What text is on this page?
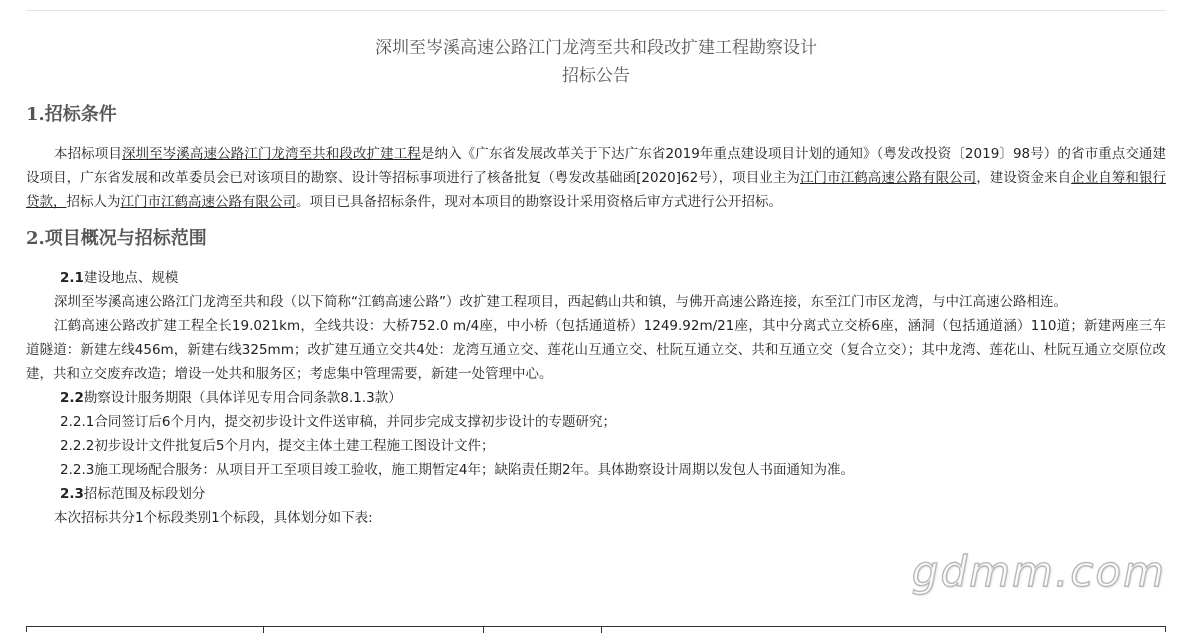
深圳至岑溪高速公路江门龙湾至共和段改扩建工程勘察设计
招标公告

1.招标条件

本招标项目深圳至岑溪高速公路江门龙湾至共和段改扩建工程是纳入《广东省发展改革关于下达广东省2019年重点建设项目计划的通知》（粤发改投资〔2019〕98号）的省市重点交通建设项目，广东省发展和改革委员会已对该项目的勘察、设计等招标事项进行了核备批复（粤发改基础函[2020]62号），项目业主为江门市江鹤高速公路有限公司，建设资金来自企业自筹和银行贷款，招标人为江门市江鹤高速公路有限公司。项目已具备招标条件，现对本项目的勘察设计采用资格后审方式进行公开招标。

2.项目概况与招标范围

2.1建设地点、规模

深圳至岑溪高速公路江门龙湾至共和段（以下简称“江鹤高速公路”）改扩建工程项目，西起鹤山共和镇，与佛开高速公路连接，东至江门市区龙湾，与中江高速公路相连。

江鹤高速公路改扩建工程全长19.021km，全线共设：大桥752.0 m/4座，中小桥（包括通道桥）1249.92m/21座，其中分离式立交桥6座，涵洞（包括通道涵）110道；新建两座三车道隧道：新建左线456m，新建右线325mm；改扩建互通立交共4处：龙湾互通立交、莲花山互通立交、杜阮互通立交、共和互通立交（复合立交）；其中龙湾、莲花山、杜阮互通立交原位改建，共和立交废弃改造；增设一处共和服务区；考虑集中管理需要，新建一处管理中心。

2.2勘察设计服务期限（具体详见专用合同条款8.1.3款）

2.2.1合同签订后6个月内，提交初步设计文件送审稿，并同步完成支撑初步设计的专题研究；

2.2.2初步设计文件批复后5个月内，提交主体土建工程施工图设计文件；

2.2.3施工现场配合服务：从项目开工至项目竣工验收，施工期暂定4年；缺陷责任期2年。具体勘察设计周期以发包人书面通知为准。

2.3招标范围及标段划分

本次招标共分1个标段类别1个标段，具体划分如下表:

gdmm.com
